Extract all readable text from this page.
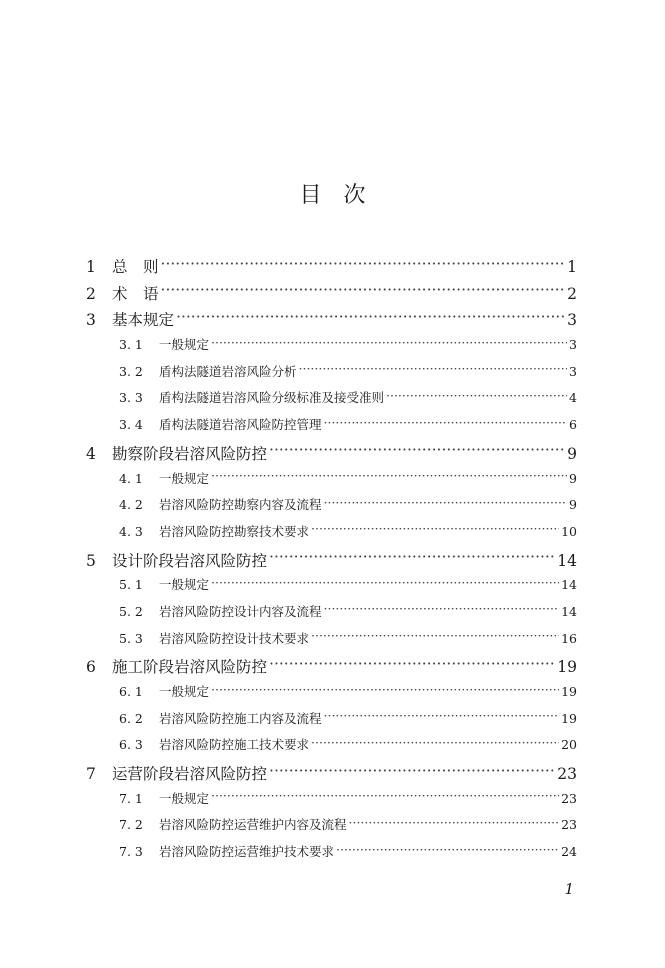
目 次
1	总　则 ·····	1
2	术　语 ·····	2
3	基本规定 ·····	3
3. 1	一般规定 ·····	3
3. 2	盾构法隧道岩溶风险分析 ·····	3
3. 3	盾构法隧道岩溶风险分级标准及接受准则 ·····	4
3. 4	盾构法隧道岩溶风险防控管理 ·····	6
4	勘察阶段岩溶风险防控 ·····	9
4. 1	一般规定 ·····	9
4. 2	岩溶风险防控勘察内容及流程 ·····	9
4. 3	岩溶风险防控勘察技术要求 ·····	10
5	设计阶段岩溶风险防控 ·····	14
5. 1	一般规定 ·····	14
5. 2	岩溶风险防控设计内容及流程 ·····	14
5. 3	岩溶风险防控设计技术要求 ·····	16
6	施工阶段岩溶风险防控 ·····	19
6. 1	一般规定 ·····	19
6. 2	岩溶风险防控施工内容及流程 ·····	19
6. 3	岩溶风险防控施工技术要求 ·····	20
7	运营阶段岩溶风险防控 ·····	23
7. 1	一般规定 ·····	23
7. 2	岩溶风险防控运营维护内容及流程 ·····	23
7. 3	岩溶风险防控运营维护技术要求 ·····	24
1
